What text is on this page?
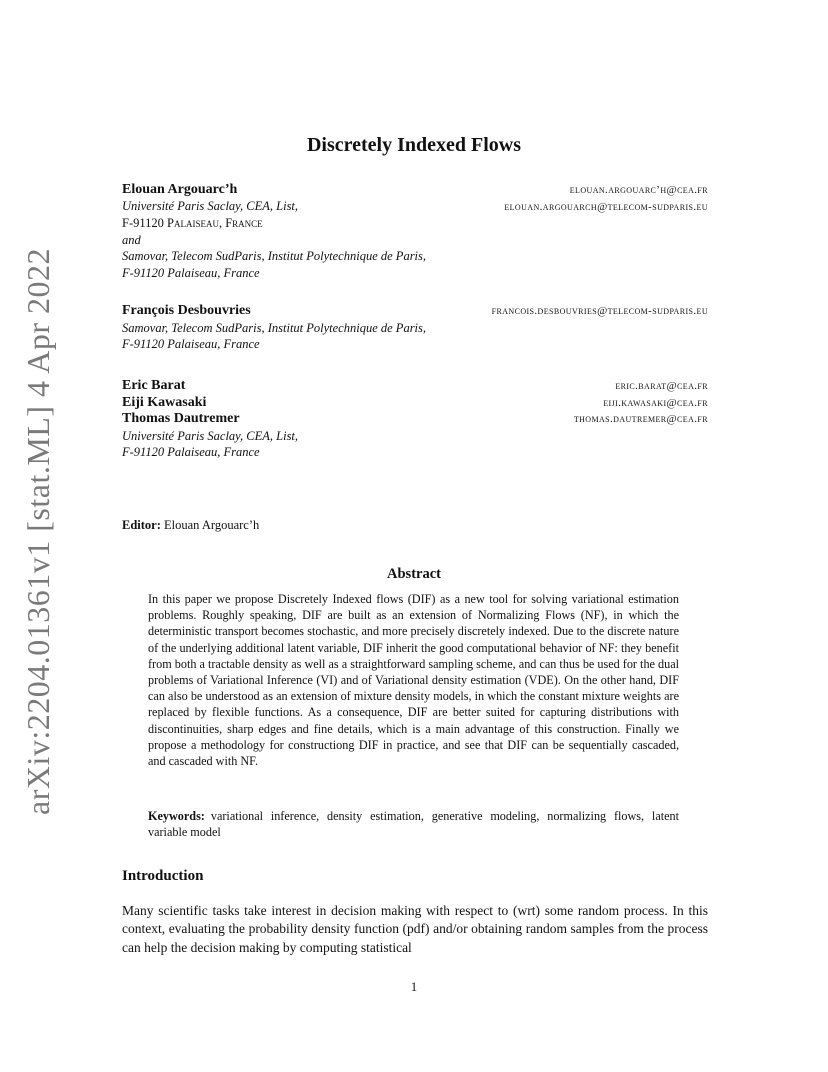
arXiv:2204.01361v1 [stat.ML] 4 Apr 2022
Discretely Indexed Flows
Elouan Argouarc’h	elouan.argouarc’h@cea.fr
Université Paris Saclay, CEA, List,	elouan.argouarch@telecom-sudparis.eu
F-91120 Palaiseau, France
and
Samovar, Telecom SudParis, Institut Polytechnique de Paris,
F-91120 Palaiseau, France
François Desbouvries	francois.desbouvries@telecom-sudparis.eu
Samovar, Telecom SudParis, Institut Polytechnique de Paris,
F-91120 Palaiseau, France
Eric Barat	eric.barat@cea.fr
Eiji Kawasaki	eiji.kawasaki@cea.fr
Thomas Dautremer	thomas.dautremer@cea.fr
Université Paris Saclay, CEA, List,
F-91120 Palaiseau, France
Editor: Elouan Argouarc’h
Abstract
In this paper we propose Discretely Indexed flows (DIF) as a new tool for solving variational estimation problems. Roughly speaking, DIF are built as an extension of Normalizing Flows (NF), in which the deterministic transport becomes stochastic, and more precisely discretely indexed. Due to the discrete nature of the underlying additional latent variable, DIF inherit the good computational behavior of NF: they benefit from both a tractable density as well as a straightforward sampling scheme, and can thus be used for the dual problems of Variational Inference (VI) and of Variational density estimation (VDE). On the other hand, DIF can also be understood as an extension of mixture density models, in which the constant mixture weights are replaced by flexible functions. As a consequence, DIF are better suited for capturing distributions with discontinuities, sharp edges and fine details, which is a main advantage of this construction. Finally we propose a methodology for constructiong DIF in practice, and see that DIF can be sequentially cascaded, and cascaded with NF.
Keywords: variational inference, density estimation, generative modeling, normalizing flows, latent variable model
Introduction
Many scientific tasks take interest in decision making with respect to (wrt) some random process. In this context, evaluating the probability density function (pdf) and/or obtaining random samples from the process can help the decision making by computing statistical
1
